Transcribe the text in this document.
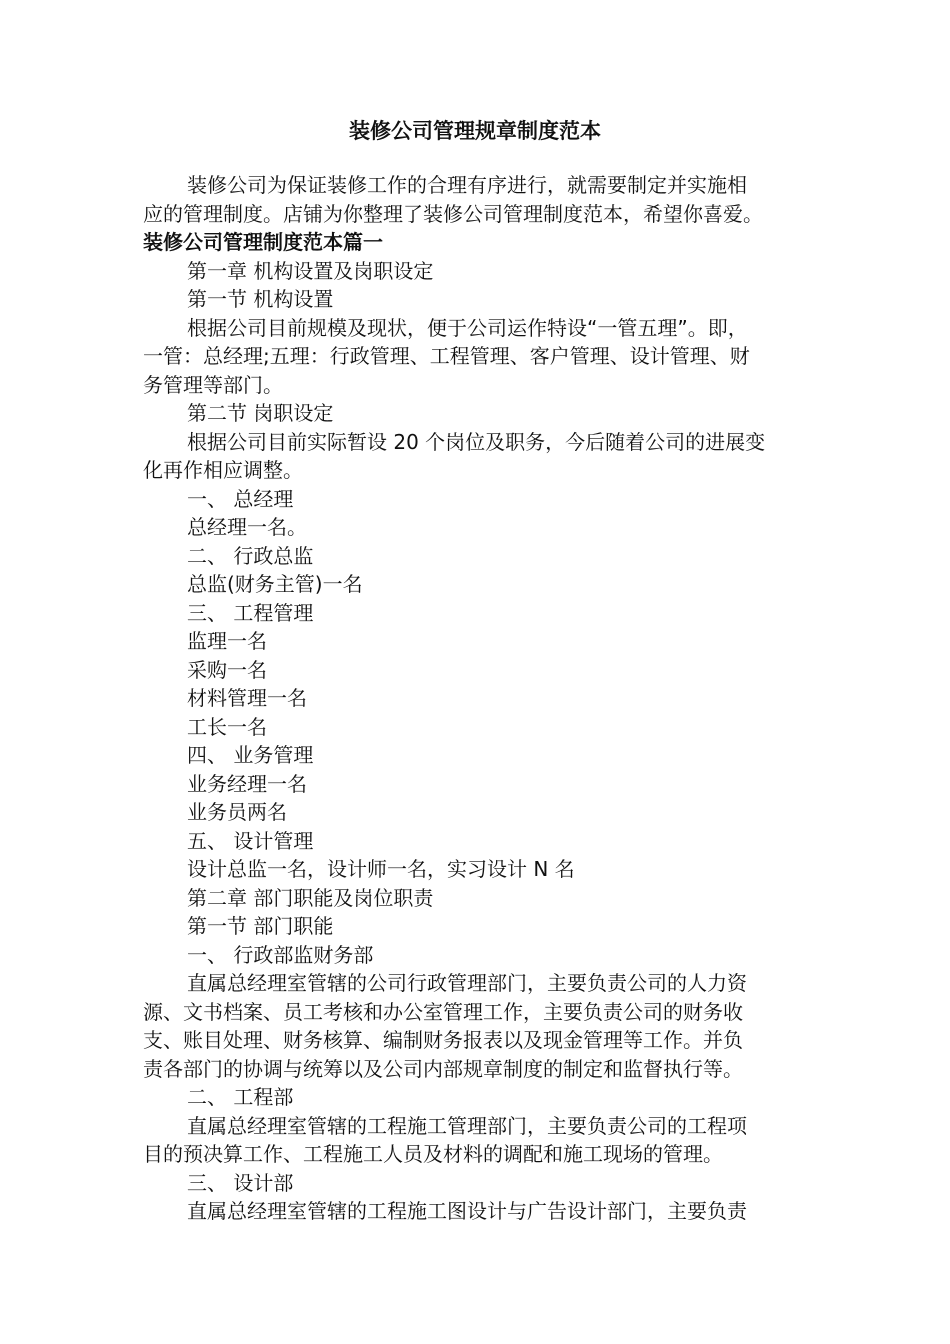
装修公司管理规章制度范本
装修公司为保证装修工作的合理有序进行，就需要制定并实施相
应的管理制度。店铺为你整理了装修公司管理制度范本，希望你喜爱。
装修公司管理制度范本篇一
第一章 机构设置及岗职设定
第一节 机构设置
根据公司目前规模及现状，便于公司运作特设“一管五理”。即，
一管：总经理;五理：行政管理、工程管理、客户管理、设计管理、财
务管理等部门。
第二节 岗职设定
根据公司目前实际暂设 20 个岗位及职务，今后随着公司的进展变
化再作相应调整。
一、 总经理
总经理一名。
二、 行政总监
总监(财务主管)一名
三、 工程管理
监理一名
采购一名
材料管理一名
工长一名
四、 业务管理
业务经理一名
业务员两名
五、 设计管理
设计总监一名，设计师一名，实习设计 N 名
第二章 部门职能及岗位职责
第一节 部门职能
一、 行政部监财务部
直属总经理室管辖的公司行政管理部门，主要负责公司的人力资
源、文书档案、员工考核和办公室管理工作，主要负责公司的财务收
支、账目处理、财务核算、编制财务报表以及现金管理等工作。并负
责各部门的协调与统筹以及公司内部规章制度的制定和监督执行等。
二、 工程部
直属总经理室管辖的工程施工管理部门，主要负责公司的工程项
目的预决算工作、工程施工人员及材料的调配和施工现场的管理。
三、 设计部
直属总经理室管辖的工程施工图设计与广告设计部门，主要负责
